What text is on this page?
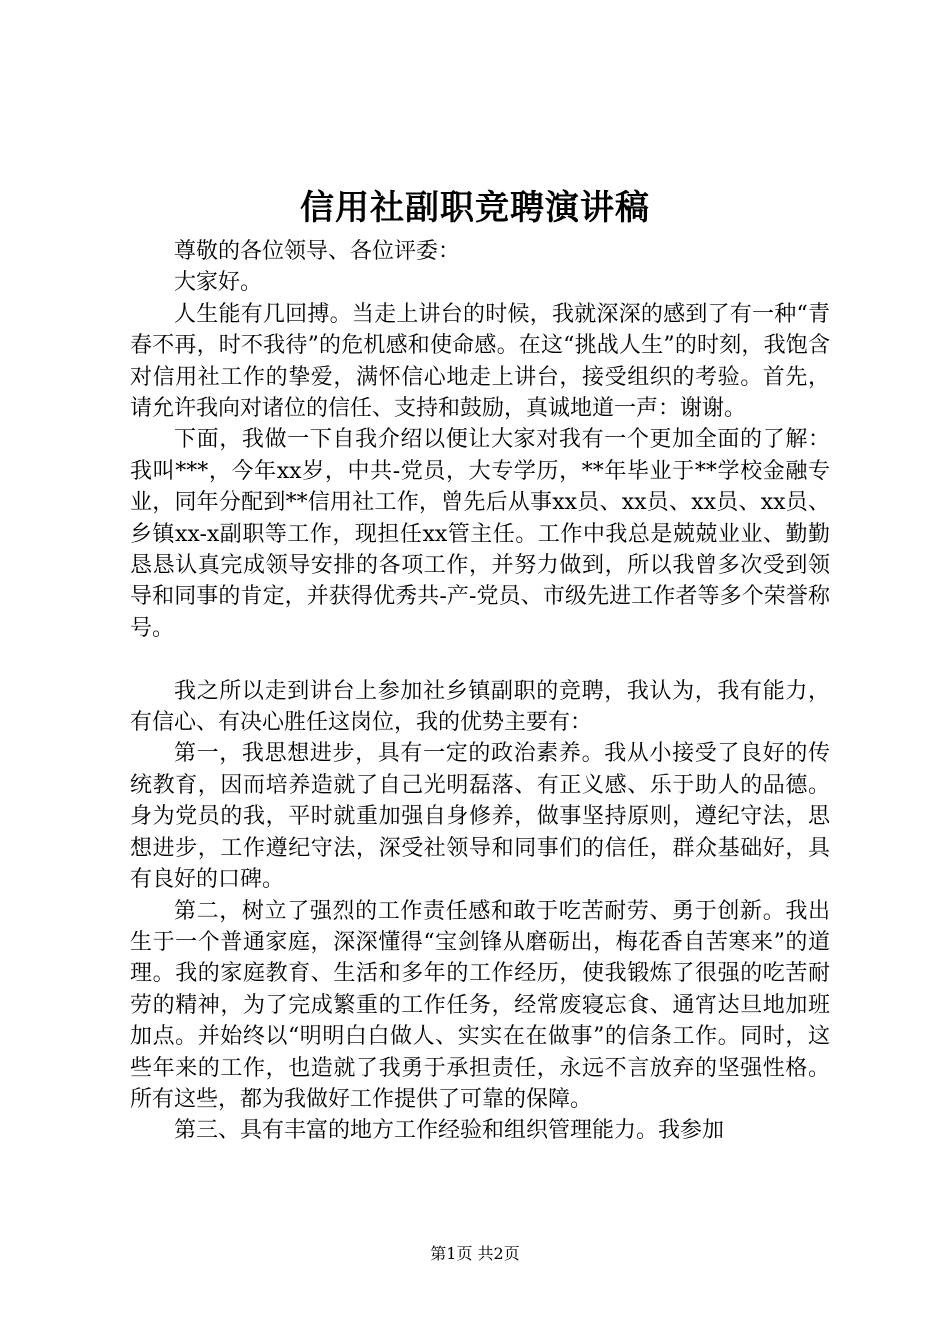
信用社副职竞聘演讲稿

尊敬的各位领导、各位评委：

大家好。

人生能有几回搏。当走上讲台的时候，我就深深的感到了有一种“青春不再，时不我待”的危机感和使命感。在这“挑战人生”的时刻，我饱含对信用社工作的挚爱，满怀信心地走上讲台，接受组织的考验。首先，请允许我向对诸位的信任、支持和鼓励，真诚地道一声：谢谢。

下面，我做一下自我介绍以便让大家对我有一个更加全面的了解：我叫***，今年xx岁，中共-党员，大专学历，**年毕业于**学校金融专业，同年分配到**信用社工作，曾先后从事xx员、xx员、xx员、xx员、乡镇xx-x副职等工作，现担任xx管主任。工作中我总是兢兢业业、勤勤恳恳认真完成领导安排的各项工作，并努力做到，所以我曾多次受到领导和同事的肯定，并获得优秀共-产-党员、市级先进工作者等多个荣誉称号。

我之所以走到讲台上参加社乡镇副职的竞聘，我认为，我有能力，有信心、有决心胜任这岗位，我的优势主要有：

第一，我思想进步，具有一定的政治素养。我从小接受了良好的传统教育，因而培养造就了自己光明磊落、有正义感、乐于助人的品德。身为党员的我，平时就重加强自身修养，做事坚持原则，遵纪守法，思想进步，工作遵纪守法，深受社领导和同事们的信任，群众基础好，具有良好的口碑。

第二，树立了强烈的工作责任感和敢于吃苦耐劳、勇于创新。我出生于一个普通家庭，深深懂得“宝剑锋从磨砺出，梅花香自苦寒来”的道理。我的家庭教育、生活和多年的工作经历，使我锻炼了很强的吃苦耐劳的精神，为了完成繁重的工作任务，经常废寝忘食、通宵达旦地加班加点。并始终以“明明白白做人、实实在在做事”的信条工作。同时，这些年来的工作，也造就了我勇于承担责任，永远不言放弃的坚强性格。所有这些，都为我做好工作提供了可靠的保障。

第三、具有丰富的地方工作经验和组织管理能力。我参加

第1页 共2页
